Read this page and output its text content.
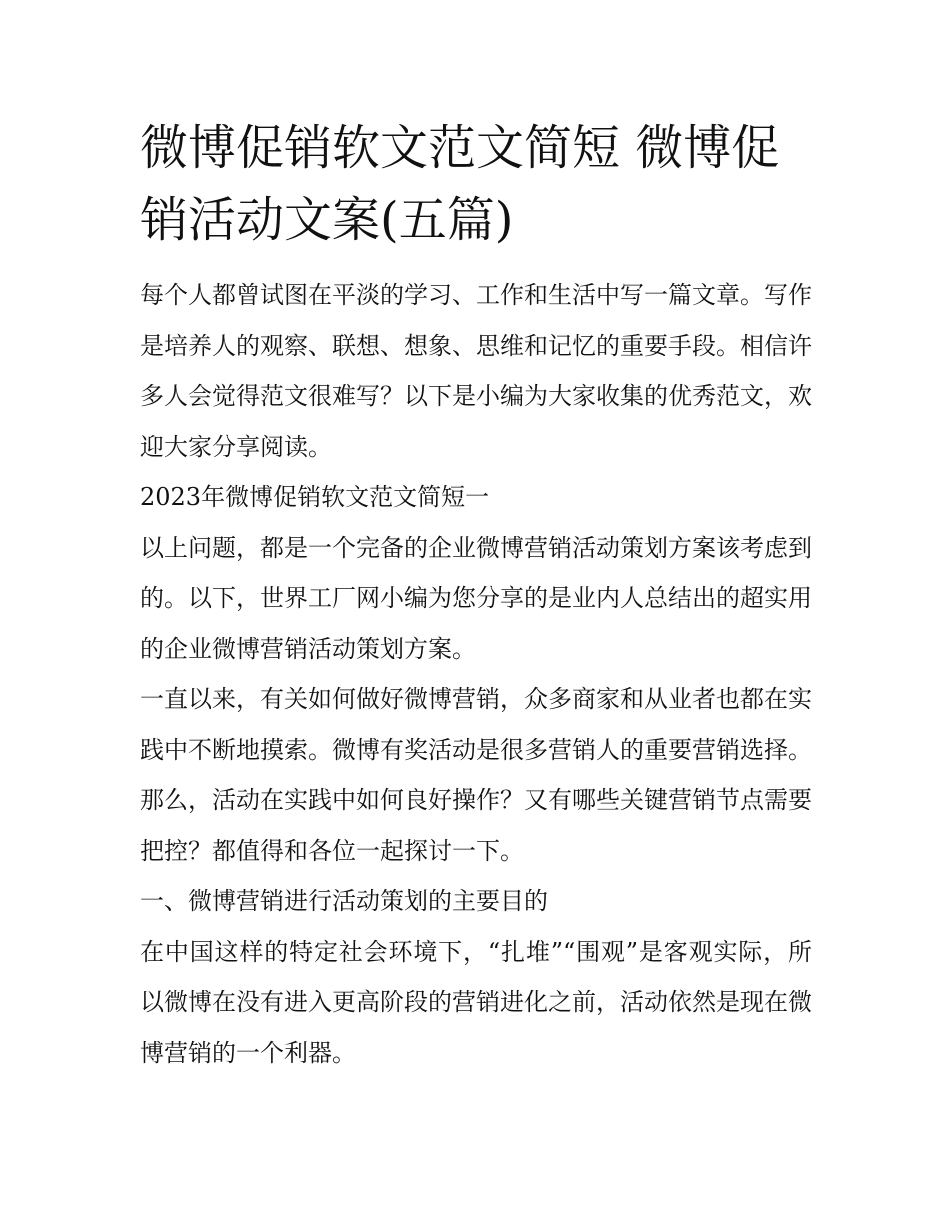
微博促销软文范文简短 微博促销活动文案(五篇)

每个人都曾试图在平淡的学习、工作和生活中写一篇文章。写作是培养人的观察、联想、想象、思维和记忆的重要手段。相信许多人会觉得范文很难写？以下是小编为大家收集的优秀范文，欢迎大家分享阅读。

2023年微博促销软文范文简短一

以上问题，都是一个完备的企业微博营销活动策划方案该考虑到的。以下，世界工厂网小编为您分享的是业内人总结出的超实用的企业微博营销活动策划方案。

一直以来，有关如何做好微博营销，众多商家和从业者也都在实践中不断地摸索。微博有奖活动是很多营销人的重要营销选择。那么，活动在实践中如何良好操作？又有哪些关键营销节点需要把控？都值得和各位一起探讨一下。

一、微博营销进行活动策划的主要目的

在中国这样的特定社会环境下，“扎堆”“围观”是客观实际，所以微博在没有进入更高阶段的营销进化之前，活动依然是现在微博营销的一个利器。
